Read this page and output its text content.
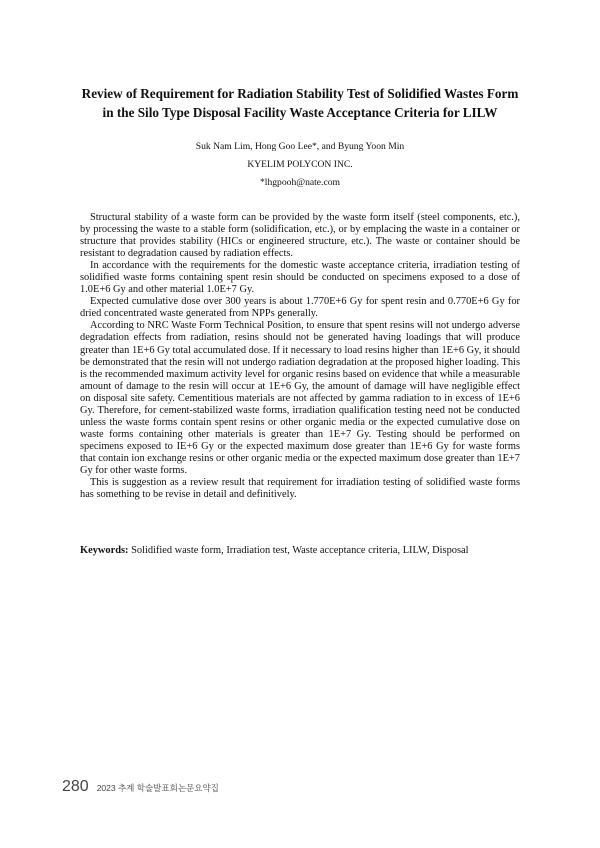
Review of Requirement for Radiation Stability Test of Solidified Wastes Form
in the Silo Type Disposal Facility Waste Acceptance Criteria for LILW
Suk Nam Lim, Hong Goo Lee*, and Byung Yoon Min
KYELIM POLYCON INC.
*lhgpooh@nate.com

Structural stability of a waste form can be provided by the waste form itself (steel components, etc.), by processing the waste to a stable form (solidification, etc.), or by emplacing the waste in a container or structure that provides stability (HICs or engineered structure, etc.). The waste or container should be resistant to degradation caused by radiation effects.

In accordance with the requirements for the domestic waste acceptance criteria, irradiation testing of solidified waste forms containing spent resin should be conducted on specimens exposed to a dose of 1.0E+6 Gy and other material 1.0E+7 Gy.

Expected cumulative dose over 300 years is about 1.770E+6 Gy for spent resin and 0.770E+6 Gy for dried concentrated waste generated from NPPs generally.

According to NRC Waste Form Technical Position, to ensure that spent resins will not undergo adverse degradation effects from radiation, resins should not be generated having loadings that will produce greater than 1E+6 Gy total accumulated dose. If it necessary to load resins higher than 1E+6 Gy, it should be demonstrated that the resin will not undergo radiation degradation at the proposed higher loading. This is the recommended maximum activity level for organic resins based on evidence that while a measurable amount of damage to the resin will occur at 1E+6 Gy, the amount of damage will have negligible effect on disposal site safety. Cementitious materials are not affected by gamma radiation to in excess of 1E+6 Gy. Therefore, for cement-stabilized waste forms, irradiation qualification testing need not be conducted unless the waste forms contain spent resins or other organic media or the expected cumulative dose on waste forms containing other materials is greater than 1E+7 Gy. Testing should be performed on specimens exposed to IE+6 Gy or the expected maximum dose greater than 1E+6 Gy for waste forms that contain ion exchange resins or other organic media or the expected maximum dose greater than 1E+7 Gy for other waste forms.

This is suggestion as a review result that requirement for irradiation testing of solidified waste forms has something to be revise in detail and definitively.

Keywords: Solidified waste form, Irradiation test, Waste acceptance criteria, LILW, Disposal
280 2023 추계 학술발표회논문요약집
